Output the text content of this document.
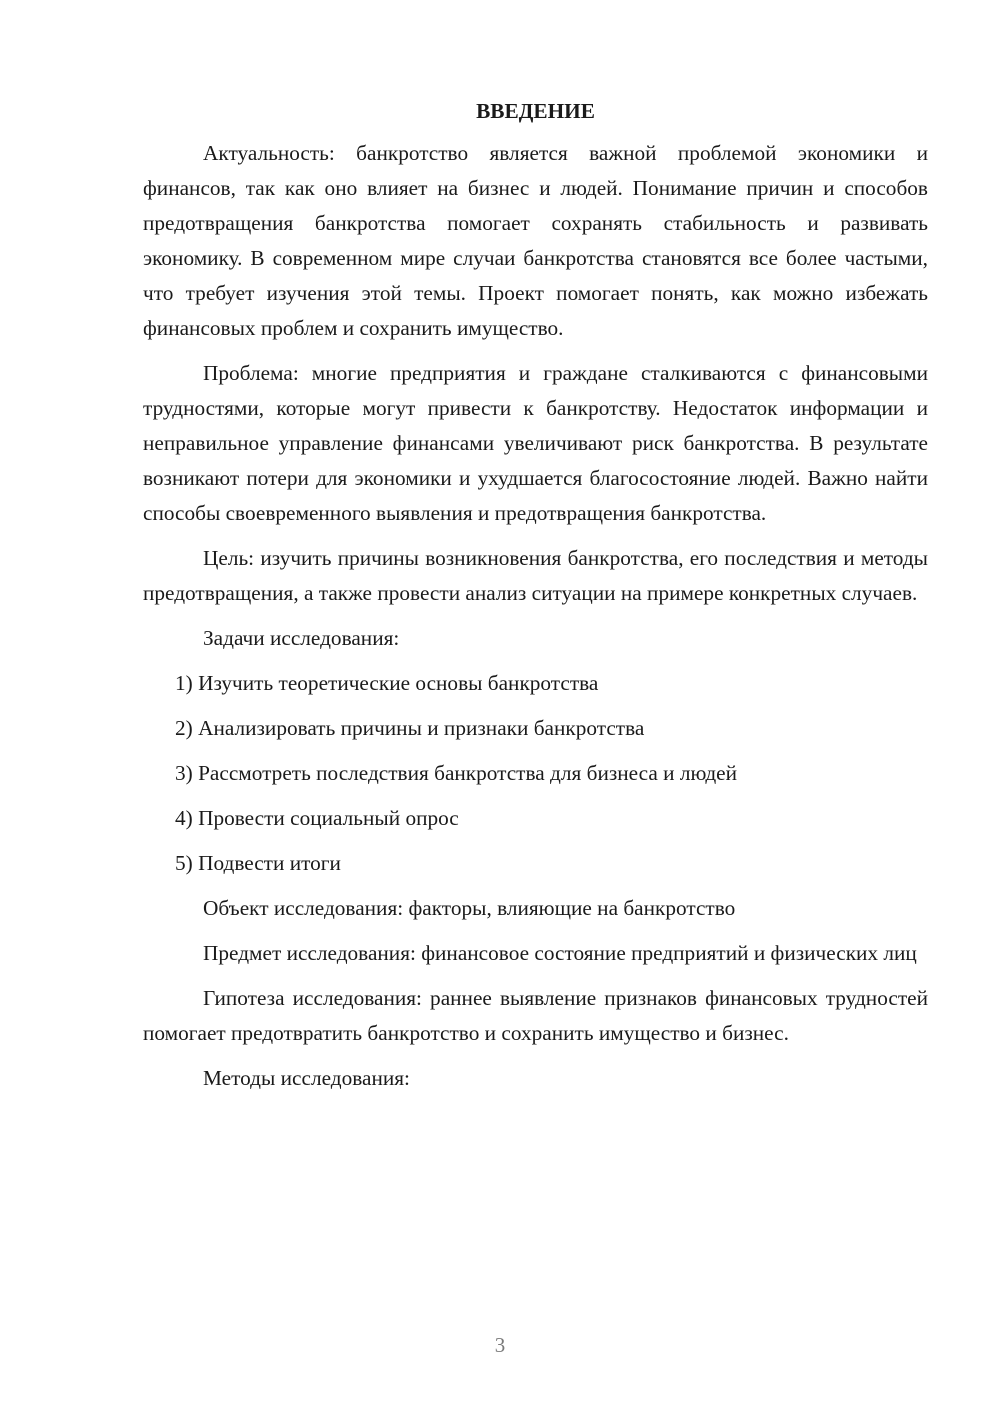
ВВЕДЕНИЕ

Актуальность: банкротство является важной проблемой экономики и финансов, так как оно влияет на бизнес и людей. Понимание причин и способов предотвращения банкротства помогает сохранять стабильность и развивать экономику. В современном мире случаи банкротства становятся все более частыми, что требует изучения этой темы. Проект помогает понять, как можно избежать финансовых проблем и сохранить имущество.

Проблема: многие предприятия и граждане сталкиваются с финансовыми трудностями, которые могут привести к банкротству. Недостаток информации и неправильное управление финансами увеличивают риск банкротства. В результате возникают потери для экономики и ухудшается благосостояние людей. Важно найти способы своевременного выявления и предотвращения банкротства.

Цель: изучить причины возникновения банкротства, его последствия и методы предотвращения, а также провести анализ ситуации на примере конкретных случаев.

Задачи исследования:

1) Изучить теоретические основы банкротства

2) Анализировать причины и признаки банкротства

3) Рассмотреть последствия банкротства для бизнеса и людей

4) Провести социальный опрос

5) Подвести итоги

Объект исследования: факторы, влияющие на банкротство

Предмет исследования: финансовое состояние предприятий и физических лиц

Гипотеза исследования: раннее выявление признаков финансовых трудностей помогает предотвратить банкротство и сохранить имущество и бизнес.

Методы исследования:

3
